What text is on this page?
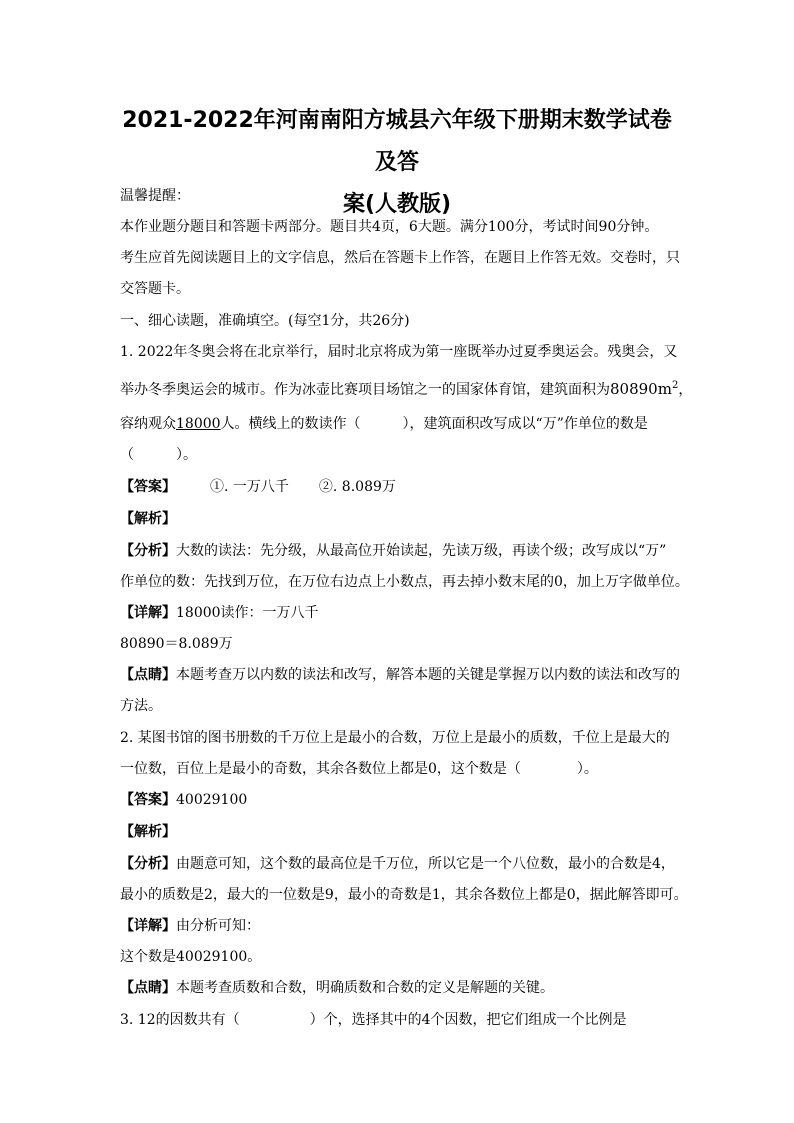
2021-2022年河南南阳方城县六年级下册期末数学试卷及答
案(人教版)
温馨提醒：
本作业题分题目和答题卡两部分。题目共4页，6大题。满分100分，考试时间90分钟。
考生应首先阅读题目上的文字信息，然后在答题卡上作答，在题目上作答无效。交卷时，只
交答题卡。
一、细心读题，准确填空。(每空1分，共26分)
1. 2022年冬奥会将在北京举行，届时北京将成为第一座既举办过夏季奥运会。残奥会，又
举办冬季奥运会的城市。作为冰壶比赛项目场馆之一的国家体育馆，建筑面积为$80890m^2$，
容纳观众18000人。横线上的数读作（	），建筑面积改写成以“万”作单位的数是
（	）。
【答案】 ①. 一万八千 ②. 8.089万
【解析】
【分析】大数的读法：先分级，从最高位开始读起，先读万级，再读个级；改写成以“万”
作单位的数：先找到万位，在万位右边点上小数点，再去掉小数末尾的0，加上万字做单位。
【详解】18000读作：一万八千
80890＝8.089万
【点睛】本题考查万以内数的读法和改写，解答本题的关键是掌握万以内数的读法和改写的
方法。
2. 某图书馆的图书册数的千万位上是最小的合数，万位上是最小的质数，千位上是最大的
一位数，百位上是最小的奇数，其余各数位上都是0，这个数是（	）。
【答案】40029100
【解析】
【分析】由题意可知，这个数的最高位是千万位，所以它是一个八位数，最小的合数是4，
最小的质数是2，最大的一位数是9，最小的奇数是1，其余各数位上都是0，据此解答即可。
【详解】由分析可知：
这个数是40029100。
【点睛】本题考查质数和合数，明确质数和合数的定义是解题的关键。
3. 12的因数共有（	）个，选择其中的4个因数，把它们组成一个比例是
